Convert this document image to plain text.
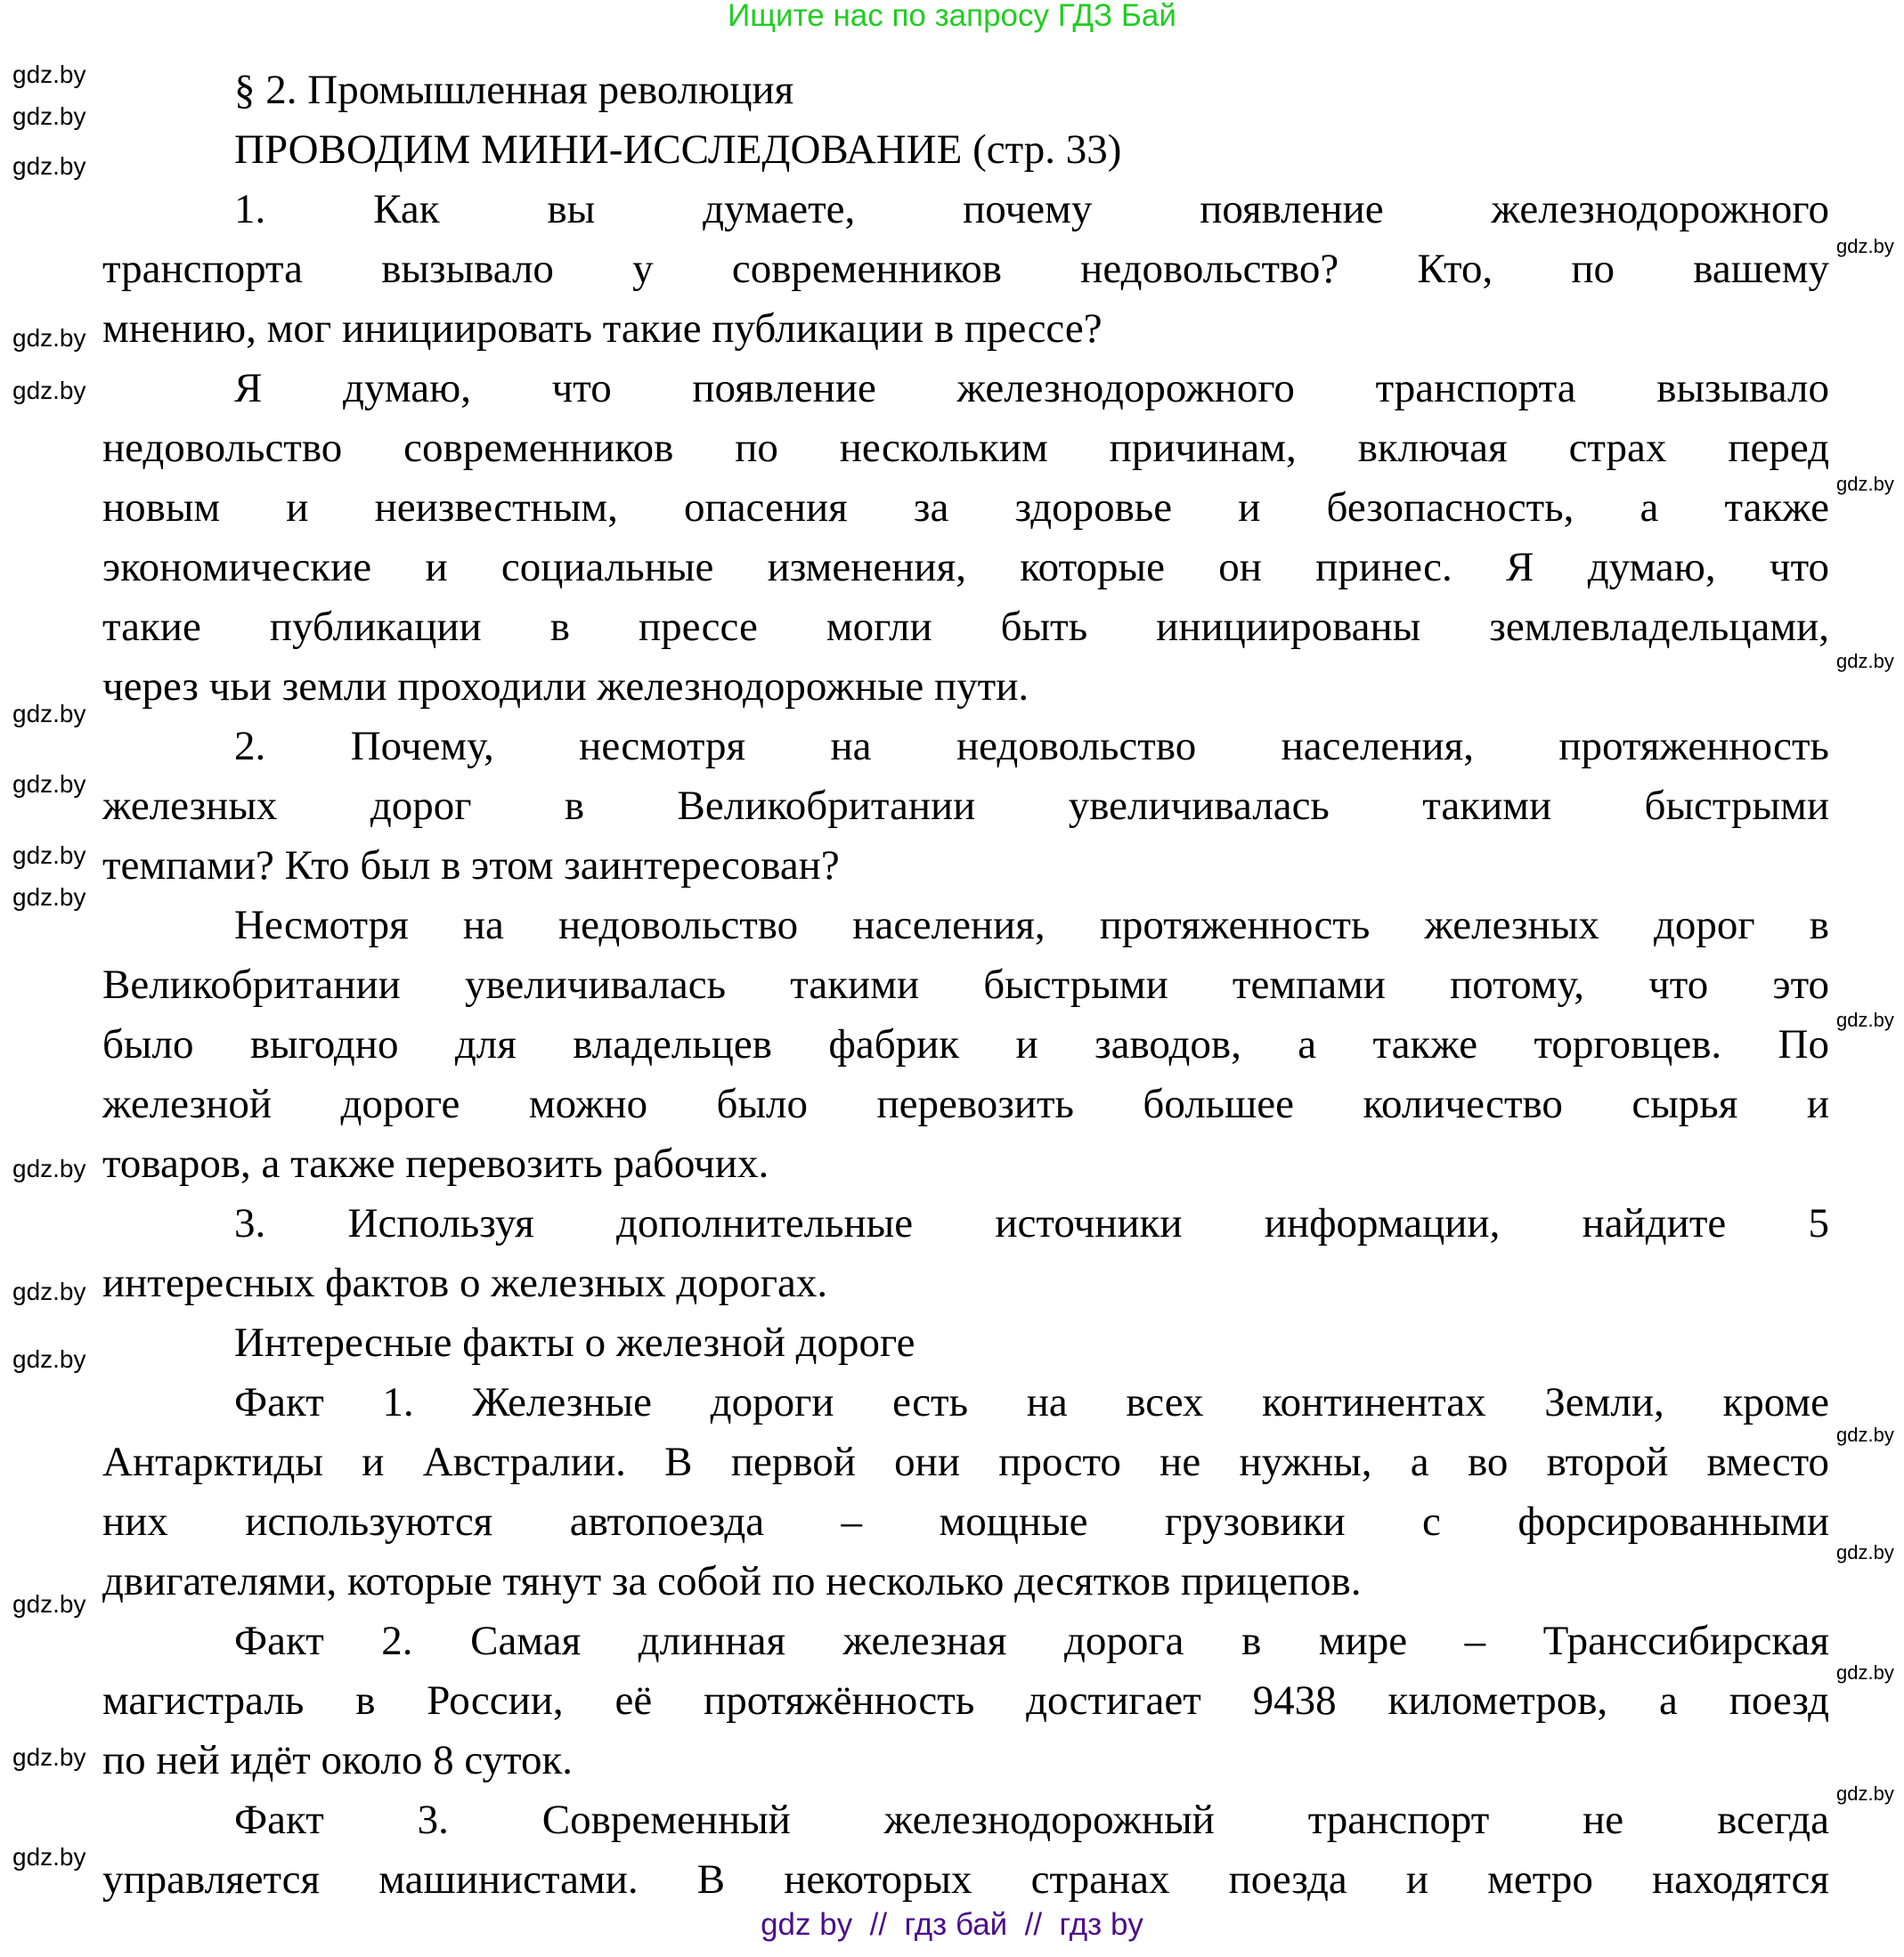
Ищите нас по запросу ГДЗ Бай
§ 2. Промышленная революция
ПРОВОДИМ МИНИ-ИССЛЕДОВАНИЕ (стр. 33)
1. Как вы думаете, почему появление железнодорожного
транспорта вызывало у современников недовольство? Кто, по вашему
мнению, мог инициировать такие публикации в прессе?
Я думаю, что появление железнодорожного транспорта вызывало
недовольство современников по нескольким причинам, включая страх перед
новым и неизвестным, опасения за здоровье и безопасность, а также
экономические и социальные изменения, которые он принес. Я думаю, что
такие публикации в прессе могли быть инициированы землевладельцами,
через чьи земли проходили железнодорожные пути.
2. Почему, несмотря на недовольство населения, протяженность
железных дорог в Великобритании увеличивалась такими быстрыми
темпами? Кто был в этом заинтересован?
Несмотря на недовольство населения, протяженность железных дорог в
Великобритании увеличивалась такими быстрыми темпами потому, что это
было выгодно для владельцев фабрик и заводов, а также торговцев. По
железной дороге можно было перевозить большее количество сырья и
товаров, а также перевозить рабочих.
3. Используя дополнительные источники информации, найдите 5
интересных фактов о железных дорогах.
Интересные факты о железной дороге
Факт 1. Железные дороги есть на всех континентах Земли, кроме
Антарктиды и Австралии. В первой они просто не нужны, а во второй вместо
них используются автопоезда – мощные грузовики с форсированными
двигателями, которые тянут за собой по несколько десятков прицепов.
Факт 2. Самая длинная железная дорога в мире – Транссибирская
магистраль в России, её протяжённость достигает 9438 километров, а поезд
по ней идёт около 8 суток.
Факт 3. Современный железнодорожный транспорт не всегда
управляется машинистами. В некоторых странах поезда и метро находятся
gdz.by
gdz.by
gdz.by
gdz.by
gdz.by
gdz.by
gdz.by
gdz.by
gdz.by
gdz.by
gdz.by
gdz.by
gdz.by
gdz.by
gdz.by
gdz.by
gdz.by
gdz.by
gdz.by
gdz.by
gdz.by
gdz.by
gdz.by
gdz by  //  гдз бай  //  гдз by
